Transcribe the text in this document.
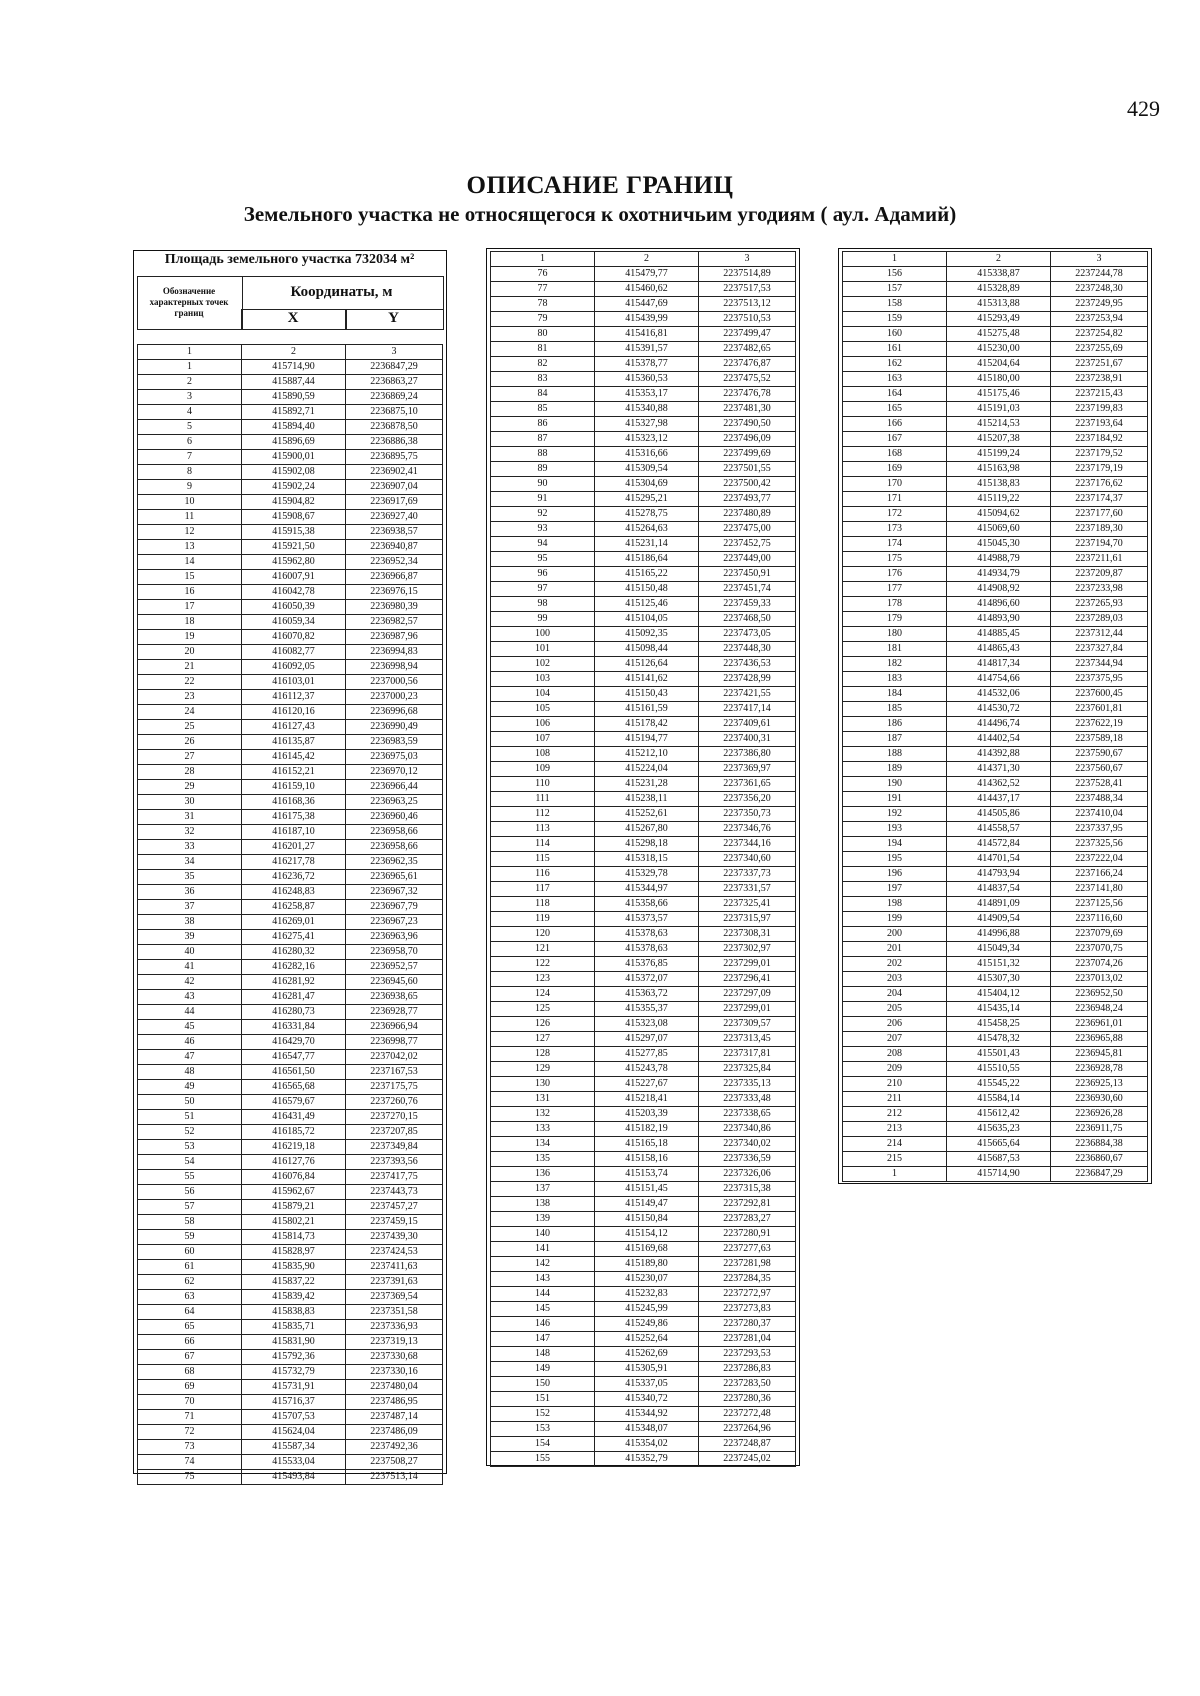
429
ОПИСАНИЕ ГРАНИЦ
Земельного участка не относящегося к охотничьим угодиям ( аул. Адамий)
Площадь земельного участка 732034 м²
Обозначение характерных точек границ
Координаты, м
X	Y
1	2	3
1	415714,90	2236847,29
2	415887,44	2236863,27
3	415890,59	2236869,24
4	415892,71	2236875,10
5	415894,40	2236878,50
6	415896,69	2236886,38
7	415900,01	2236895,75
8	415902,08	2236902,41
9	415902,24	2236907,04
10	415904,82	2236917,69
11	415908,67	2236927,40
12	415915,38	2236938,57
13	415921,50	2236940,87
14	415962,80	2236952,34
15	416007,91	2236966,87
16	416042,78	2236976,15
17	416050,39	2236980,39
18	416059,34	2236982,57
19	416070,82	2236987,96
20	416082,77	2236994,83
21	416092,05	2236998,94
22	416103,01	2237000,56
23	416112,37	2237000,23
24	416120,16	2236996,68
25	416127,43	2236990,49
26	416135,87	2236983,59
27	416145,42	2236975,03
28	416152,21	2236970,12
29	416159,10	2236966,44
30	416168,36	2236963,25
31	416175,38	2236960,46
32	416187,10	2236958,66
33	416201,27	2236958,66
34	416217,78	2236962,35
35	416236,72	2236965,61
36	416248,83	2236967,32
37	416258,87	2236967,79
38	416269,01	2236967,23
39	416275,41	2236963,96
40	416280,32	2236958,70
41	416282,16	2236952,57
42	416281,92	2236945,60
43	416281,47	2236938,65
44	416280,73	2236928,77
45	416331,84	2236966,94
46	416429,70	2236998,77
47	416547,77	2237042,02
48	416561,50	2237167,53
49	416565,68	2237175,75
50	416579,67	2237260,76
51	416431,49	2237270,15
52	416185,72	2237207,85
53	416219,18	2237349,84
54	416127,76	2237393,56
55	416076,84	2237417,75
56	415962,67	2237443,73
57	415879,21	2237457,27
58	415802,21	2237459,15
59	415814,73	2237439,30
60	415828,97	2237424,53
61	415835,90	2237411,63
62	415837,22	2237391,63
63	415839,42	2237369,54
64	415838,83	2237351,58
65	415835,71	2237336,93
66	415831,90	2237319,13
67	415792,36	2237330,68
68	415732,79	2237330,16
69	415731,91	2237480,04
70	415716,37	2237486,95
71	415707,53	2237487,14
72	415624,04	2237486,09
73	415587,34	2237492,36
74	415533,04	2237508,27
75	415493,84	2237513,14
1	2	3
76	415479,77	2237514,89
77	415460,62	2237517,53
78	415447,69	2237513,12
79	415439,99	2237510,53
80	415416,81	2237499,47
81	415391,57	2237482,65
82	415378,77	2237476,87
83	415360,53	2237475,52
84	415353,17	2237476,78
85	415340,88	2237481,30
86	415327,98	2237490,50
87	415323,12	2237496,09
88	415316,66	2237499,69
89	415309,54	2237501,55
90	415304,69	2237500,42
91	415295,21	2237493,77
92	415278,75	2237480,89
93	415264,63	2237475,00
94	415231,14	2237452,75
95	415186,64	2237449,00
96	415165,22	2237450,91
97	415150,48	2237451,74
98	415125,46	2237459,33
99	415104,05	2237468,50
100	415092,35	2237473,05
101	415098,44	2237448,30
102	415126,64	2237436,53
103	415141,62	2237428,99
104	415150,43	2237421,55
105	415161,59	2237417,14
106	415178,42	2237409,61
107	415194,77	2237400,31
108	415212,10	2237386,80
109	415224,04	2237369,97
110	415231,28	2237361,65
111	415238,11	2237356,20
112	415252,61	2237350,73
113	415267,80	2237346,76
114	415298,18	2237344,16
115	415318,15	2237340,60
116	415329,78	2237337,73
117	415344,97	2237331,57
118	415358,66	2237325,41
119	415373,57	2237315,97
120	415378,63	2237308,31
121	415378,63	2237302,97
122	415376,85	2237299,01
123	415372,07	2237296,41
124	415363,72	2237297,09
125	415355,37	2237299,01
126	415323,08	2237309,57
127	415297,07	2237313,45
128	415277,85	2237317,81
129	415243,78	2237325,84
130	415227,67	2237335,13
131	415218,41	2237333,48
132	415203,39	2237338,65
133	415182,19	2237340,86
134	415165,18	2237340,02
135	415158,16	2237336,59
136	415153,74	2237326,06
137	415151,45	2237315,38
138	415149,47	2237292,81
139	415150,84	2237283,27
140	415154,12	2237280,91
141	415169,68	2237277,63
142	415189,80	2237281,98
143	415230,07	2237284,35
144	415232,83	2237272,97
145	415245,99	2237273,83
146	415249,86	2237280,37
147	415252,64	2237281,04
148	415262,69	2237293,53
149	415305,91	2237286,83
150	415337,05	2237283,50
151	415340,72	2237280,36
152	415344,92	2237272,48
153	415348,07	2237264,96
154	415354,02	2237248,87
155	415352,79	2237245,02
1	2	3
156	415338,87	2237244,78
157	415328,89	2237248,30
158	415313,88	2237249,95
159	415293,49	2237253,94
160	415275,48	2237254,82
161	415230,00	2237255,69
162	415204,64	2237251,67
163	415180,00	2237238,91
164	415175,46	2237215,43
165	415191,03	2237199,83
166	415214,53	2237193,64
167	415207,38	2237184,92
168	415199,24	2237179,52
169	415163,98	2237179,19
170	415138,83	2237176,62
171	415119,22	2237174,37
172	415094,62	2237177,60
173	415069,60	2237189,30
174	415045,30	2237194,70
175	414988,79	2237211,61
176	414934,79	2237209,87
177	414908,92	2237233,98
178	414896,60	2237265,93
179	414893,90	2237289,03
180	414885,45	2237312,44
181	414865,43	2237327,84
182	414817,34	2237344,94
183	414754,66	2237375,95
184	414532,06	2237600,45
185	414530,72	2237601,81
186	414496,74	2237622,19
187	414402,54	2237589,18
188	414392,88	2237590,67
189	414371,30	2237560,67
190	414362,52	2237528,41
191	414437,17	2237488,34
192	414505,86	2237410,04
193	414558,57	2237337,95
194	414572,84	2237325,56
195	414701,54	2237222,04
196	414793,94	2237166,24
197	414837,54	2237141,80
198	414891,09	2237125,56
199	414909,54	2237116,60
200	414996,88	2237079,69
201	415049,34	2237070,75
202	415151,32	2237074,26
203	415307,30	2237013,02
204	415404,12	2236952,50
205	415435,14	2236948,24
206	415458,25	2236961,01
207	415478,32	2236965,88
208	415501,43	2236945,81
209	415510,55	2236928,78
210	415545,22	2236925,13
211	415584,14	2236930,60
212	415612,42	2236926,28
213	415635,23	2236911,75
214	415665,64	2236884,38
215	415687,53	2236860,67
1	415714,90	2236847,29
